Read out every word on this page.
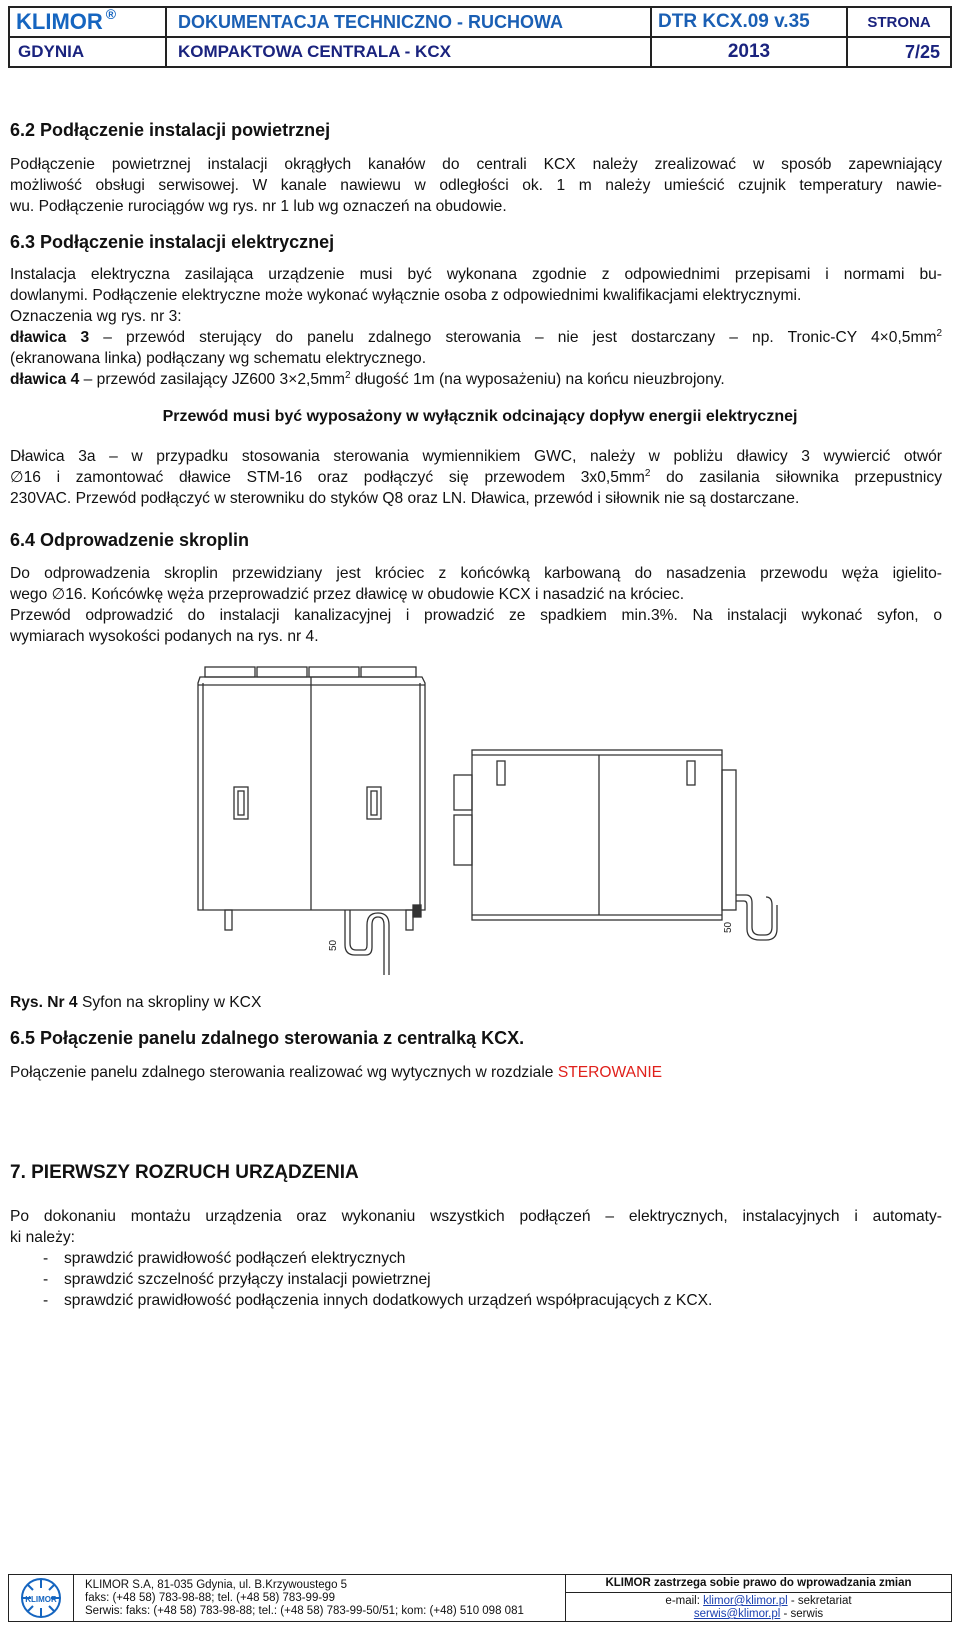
KLIMOR ®	DOKUMENTACJA TECHNICZNO - RUCHOWA	DTR KCX.09 v.35	STRONA
GDYNIA	KOMPAKTOWA CENTRALA - KCX	2013	7/25
6.2 Podłączenie instalacji powietrznej
Podłączenie powietrznej instalacji okrągłych kanałów do centrali KCX należy zrealizować w sposób zapewniający
możliwość obsługi serwisowej. W kanale nawiewu w odległości ok. 1 m należy umieścić czujnik temperatury nawie-
wu. Podłączenie rurociągów wg rys. nr 1 lub wg oznaczeń na obudowie.
6.3 Podłączenie instalacji elektrycznej
Instalacja elektryczna zasilająca urządzenie musi być wykonana zgodnie z odpowiednimi przepisami i normami bu-
dowlanymi. Podłączenie elektryczne może wykonać wyłącznie osoba z odpowiednimi kwalifikacjami elektrycznymi.
Oznaczenia wg rys. nr 3:
dławica 3 – przewód sterujący do panelu zdalnego sterowania – nie jest dostarczany – np. Tronic-CY $4\times 0,5mm^2$
(ekranowana linka) podłączany wg schematu elektrycznego.
dławica 4 – przewód zasilający JZ600 $3\times 2,5mm^2$ długość 1m (na wyposażeniu) na końcu nieuzbrojony.
Przewód musi być wyposażony w wyłącznik odcinający dopływ energii elektrycznej
Dławica 3a – w przypadku stosowania sterowania wymiennikiem GWC, należy w pobliżu dławicy 3 wywiercić otwór
∅16 i zamontować dławice STM-16 oraz podłączyć się przewodem $3x0,5mm^2$ do zasilania siłownika przepustnicy
230VAC. Przewód podłączyć w sterowniku do styków Q8 oraz LN. Dławica, przewód i siłownik nie są dostarczane.
6.4 Odprowadzenie skroplin
Do odprowadzenia skroplin przewidziany jest króciec z końcówką karbowaną do nasadzenia przewodu węża igielito-
wego ∅16. Końcówkę węża przeprowadzić przez dławicę w obudowie KCX i nasadzić na króciec.
Przewód odprowadzić do instalacji kanalizacyjnej i prowadzić ze spadkiem min.3%. Na instalacji wykonać syfon, o
wymiarach wysokości podanych na rys. nr 4.
50
50
Rys. Nr 4 Syfon na skropliny w KCX
6.5 Połączenie panelu zdalnego sterowania z centralką KCX.
Połączenie panelu zdalnego sterowania realizować wg wytycznych w rozdziale STEROWANIE
7. PIERWSZY ROZRUCH URZĄDZENIA
Po dokonaniu montażu urządzenia oraz wykonaniu wszystkich podłączeń – elektrycznych, instalacyjnych i automaty-
ki należy:
- sprawdzić prawidłowość podłączeń elektrycznych
- sprawdzić szczelność przyłączy instalacji powietrznej
- sprawdzić prawidłowość podłączenia innych dodatkowych urządzeń współpracujących z KCX.
KLIMOR
KLIMOR S.A, 81-035 Gdynia, ul. B.Krzywoustego 5
faks: (+48 58) 783-98-88; tel. (+48 58) 783-99-99
Serwis: faks: (+48 58) 783-98-88; tel.: (+48 58) 783-99-50/51; kom: (+48) 510 098 081
KLIMOR zastrzega sobie prawo do wprowadzania zmian
e-mail: klimor@klimor.pl - sekretariat
serwis@klimor.pl - serwis
